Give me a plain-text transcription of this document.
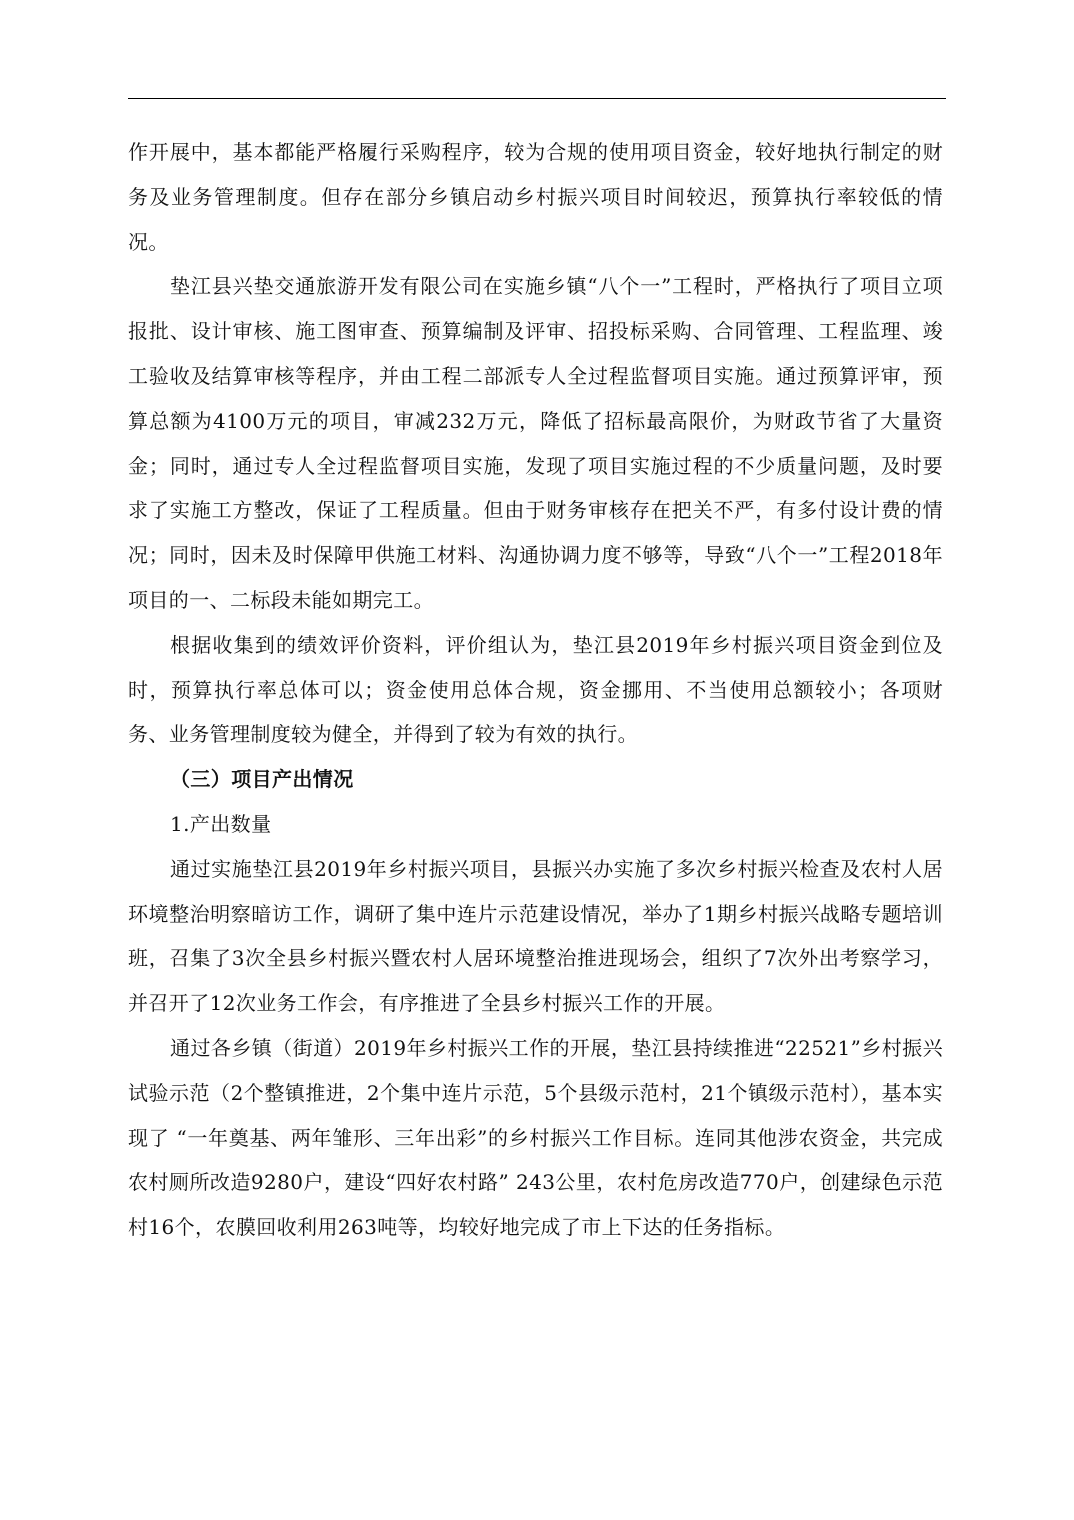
作开展中，基本都能严格履行采购程序，较为合规的使用项目资金，较好地执行制定的财务及业务管理制度。但存在部分乡镇启动乡村振兴项目时间较迟，预算执行率较低的情况。

垫江县兴垫交通旅游开发有限公司在实施乡镇“八个一”工程时，严格执行了项目立项报批、设计审核、施工图审查、预算编制及评审、招投标采购、合同管理、工程监理、竣工验收及结算审核等程序，并由工程二部派专人全过程监督项目实施。通过预算评审，预算总额为4100万元的项目，审减232万元，降低了招标最高限价，为财政节省了大量资金；同时，通过专人全过程监督项目实施，发现了项目实施过程的不少质量问题，及时要求了实施工方整改，保证了工程质量。但由于财务审核存在把关不严，有多付设计费的情况；同时，因未及时保障甲供施工材料、沟通协调力度不够等，导致“八个一”工程2018年项目的一、二标段未能如期完工。

根据收集到的绩效评价资料，评价组认为，垫江县2019年乡村振兴项目资金到位及时，预算执行率总体可以；资金使用总体合规，资金挪用、不当使用总额较小；各项财务、业务管理制度较为健全，并得到了较为有效的执行。

（三）项目产出情况

1.产出数量

通过实施垫江县2019年乡村振兴项目，县振兴办实施了多次乡村振兴检查及农村人居环境整治明察暗访工作，调研了集中连片示范建设情况，举办了1期乡村振兴战略专题培训班，召集了3次全县乡村振兴暨农村人居环境整治推进现场会，组织了7次外出考察学习，并召开了12次业务工作会，有序推进了全县乡村振兴工作的开展。

通过各乡镇（街道）2019年乡村振兴工作的开展，垫江县持续推进“22521”乡村振兴试验示范（2个整镇推进，2个集中连片示范，5个县级示范村，21个镇级示范村），基本实现了 “一年奠基、两年雏形、三年出彩”的乡村振兴工作目标。连同其他涉农资金，共完成农村厕所改造9280户，建设“四好农村路” 243公里，农村危房改造770户，创建绿色示范村16个，农膜回收利用263吨等，均较好地完成了市上下达的任务指标。
